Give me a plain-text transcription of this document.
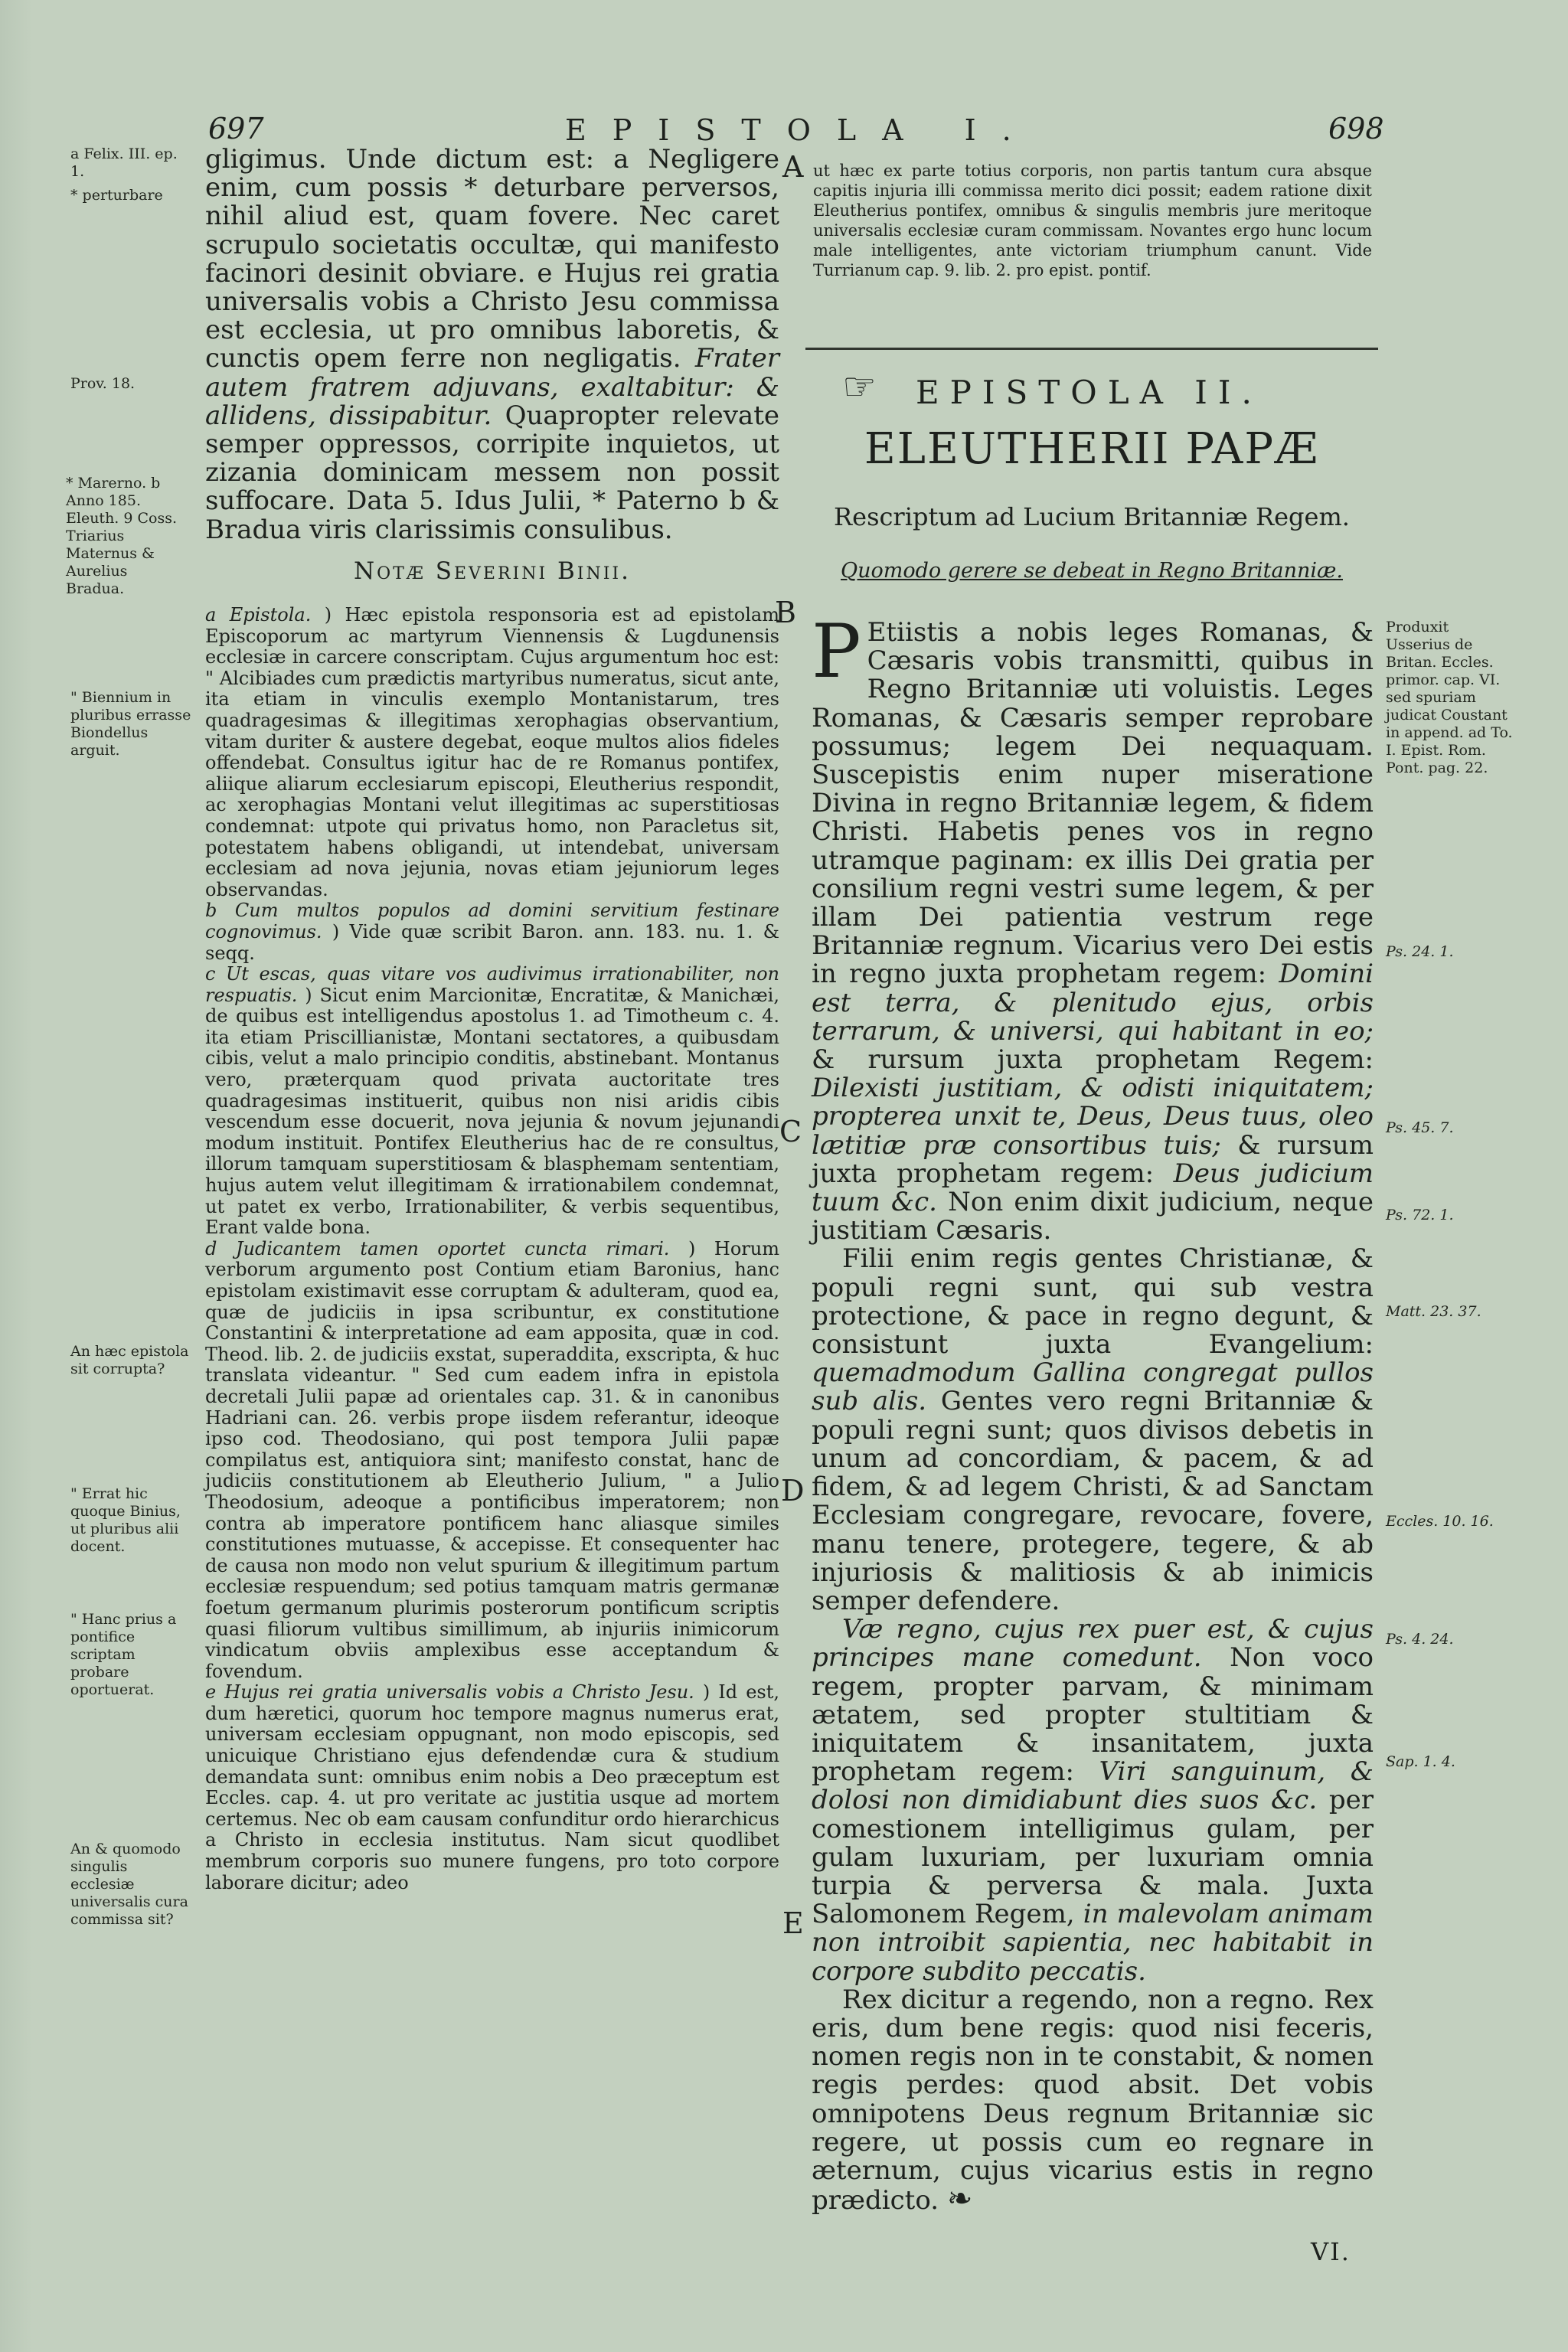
697	EPISTOLA I.	698
a Felix. III. ep. 1.
* perturbare
Prov. 18.
* Marerno. b Anno 185. Eleuth. 9 Coss. Triarius Maternus & Aurelius Bradua.
" Biennium in pluribus errasse Biondellus arguit.
An hæc epistola sit corrupta?
" Errat hic quoque Binius, ut pluribus alii docent.
" Hanc prius a pontifice scriptam probare oportuerat.
An & quomodo singulis ecclesiæ universalis cura commissa sit?
gligimus. Unde dictum est: a Negligere enim, cum possis * deturbare perversos, nihil aliud est, quam fovere. Nec caret scrupulo societatis occultæ, qui manifesto facinori desinit obviare. e Hujus rei gratia universalis vobis a Christo Jesu commissa est ecclesia, ut pro omnibus laboretis, & cunctis opem ferre non negligatis. Frater autem fratrem adjuvans, exaltabitur: & allidens, dissipabitur. Quapropter relevate semper oppressos, corripite inquietos, ut zizania dominicam messem non possit suffocare. Data 5. Idus Julii, * Paterno b & Bradua viris clarissimis consulibus.
Notæ Severini Binii.

a Epistola. ) Hæc epistola responsoria est ad epistolam Episcoporum ac martyrum Viennensis & Lugdunensis ecclesiæ in carcere conscriptam. Cujus argumentum hoc est: " Alcibiades cum prædictis martyribus numeratus, sicut ante, ita etiam in vinculis exemplo Montanistarum, tres quadragesimas & illegitimas xerophagias observantium, vitam duriter & austere degebat, eoque multos alios fideles offendebat. Consultus igitur hac de re Romanus pontifex, aliique aliarum ecclesiarum episcopi, Eleutherius respondit, ac xerophagias Montani velut illegitimas ac superstitiosas condemnat: utpote qui privatus homo, non Paracletus sit, potestatem habens obligandi, ut intendebat, universam ecclesiam ad nova jejunia, novas etiam jejuniorum leges observandas.

b Cum multos populos ad domini servitium festinare cognovimus. ) Vide quæ scribit Baron. ann. 183. nu. 1. & seqq.

c Ut escas, quas vitare vos audivimus irrationabiliter, non respuatis. ) Sicut enim Marcionitæ, Encratitæ, & Manichæi, de quibus est intelligendus apostolus 1. ad Timotheum c. 4. ita etiam Priscillianistæ, Montani sectatores, a quibusdam cibis, velut a malo principio conditis, abstinebant. Montanus vero, præterquam quod privata auctoritate tres quadragesimas instituerit, quibus non nisi aridis cibis vescendum esse docuerit, nova jejunia & novum jejunandi modum instituit. Pontifex Eleutherius hac de re consultus, illorum tamquam superstitiosam & blasphemam sententiam, hujus autem velut illegitimam & irrationabilem condemnat, ut patet ex verbo, Irrationabiliter, & verbis sequentibus, Erant valde bona.

d Judicantem tamen oportet cuncta rimari. ) Horum verborum argumento post Contium etiam Baronius, hanc epistolam existimavit esse corruptam & adulteram, quod ea, quæ de judiciis in ipsa scribuntur, ex constitutione Constantini & interpretatione ad eam apposita, quæ in cod. Theod. lib. 2. de judiciis exstat, superaddita, exscripta, & huc translata videantur. " Sed cum eadem infra in epistola decretali Julii papæ ad orientales cap. 31. & in canonibus Hadriani can. 26. verbis prope iisdem referantur, ideoque ipso cod. Theodosiano, qui post tempora Julii papæ compilatus est, antiquiora sint; manifesto constat, hanc de judiciis constitutionem ab Eleutherio Julium, " a Julio Theodosium, adeoque a pontificibus imperatorem; non contra ab imperatore pontificem hanc aliasque similes constitutiones mutuasse, & accepisse. Et consequenter hac de causa non modo non velut spurium & illegitimum partum ecclesiæ respuendum; sed potius tamquam matris germanæ foetum germanum plurimis posterorum pontificum scriptis quasi filiorum vultibus simillimum, ab injuriis inimicorum vindicatum obviis amplexibus esse acceptandum & fovendum.

e Hujus rei gratia universalis vobis a Christo Jesu. ) Id est, dum hæretici, quorum hoc tempore magnus numerus erat, universam ecclesiam oppugnant, non modo episcopis, sed unicuique Christiano ejus defendendæ cura & studium demandata sunt: omnibus enim nobis a Deo præceptum est Eccles. cap. 4. ut pro veritate ac justitia usque ad mortem certemus. Nec ob eam causam confunditur ordo hierarchicus a Christo in ecclesia institutus. Nam sicut quodlibet membrum corporis suo munere fungens, pro toto corpore laborare dicitur; adeo

A
B
C
D
E
ut hæc ex parte totius corporis, non partis tantum cura absque capitis injuria illi commissa merito dici possit; eadem ratione dixit Eleutherius pontifex, omnibus & singulis membris jure meritoque universalis ecclesiæ curam commissam. Novantes ergo hunc locum male intelligentes, ante victoriam triumphum canunt. Vide Turrianum cap. 9. lib. 2. pro epist. pontif.
☞ EPISTOLA II.
ELEUTHERII PAPÆ
Rescriptum ad Lucium Britanniæ Regem.
Quomodo gerere se debeat in Regno Britanniæ.
P Etiistis a nobis leges Romanas, & Cæsaris vobis transmitti, quibus in Regno Britanniæ uti voluistis. Leges Romanas, & Cæsaris semper reprobare possumus; legem Dei nequaquam. Suscepistis enim nuper miseratione Divina in regno Britanniæ legem, & fidem Christi. Habetis penes vos in regno utramque paginam: ex illis Dei gratia per consilium regni vestri sume legem, & per illam Dei patientia vestrum rege Britanniæ regnum. Vicarius vero Dei estis in regno juxta prophetam regem: Domini est terra, & plenitudo ejus, orbis terrarum, & universi, qui habitant in eo; & rursum juxta prophetam Regem: Dilexisti justitiam, & odisti iniquitatem; propterea unxit te, Deus, Deus tuus, oleo lætitiæ præ consortibus tuis; & rursum juxta prophetam regem: Deus judicium tuum &c. Non enim dixit judicium, neque justitiam Cæsaris.
Filii enim regis gentes Christianæ, & populi regni sunt, qui sub vestra protectione, & pace in regno degunt, & consistunt juxta Evangelium: quemadmodum Gallina congregat pullos sub alis. Gentes vero regni Britanniæ & populi regni sunt; quos divisos debetis in unum ad concordiam, & pacem, & ad fidem, & ad legem Christi, & ad Sanctam Ecclesiam congregare, revocare, fovere, manu tenere, protegere, tegere, & ab injuriosis & malitiosis & ab inimicis semper defendere.
Væ regno, cujus rex puer est, & cujus principes mane comedunt. Non voco regem, propter parvam, & minimam ætatem, sed propter stultitiam & iniquitatem & insanitatem, juxta prophetam regem: Viri sanguinum, & dolosi non dimidiabunt dies suos &c. per comestionem intelligimus gulam, per gulam luxuriam, per luxuriam omnia turpia & perversa & mala. Juxta Salomonem Regem, in malevolam animam non introibit sapientia, nec habitabit in corpore subdito peccatis.
Rex dicitur a regendo, non a regno. Rex eris, dum bene regis: quod nisi feceris, nomen regis non in te constabit, & nomen regis perdes: quod absit. Det vobis omnipotens Deus regnum Britanniæ sic regere, ut possis cum eo regnare in æternum, cujus vicarius estis in regno prædicto. ❧
Produxit Usserius de Britan. Eccles. primor. cap. VI. sed spuriam judicat Coustant in append. ad To. I. Epist. Rom. Pont. pag. 22.
Ps. 24. 1.
Ps. 45. 7.
Ps. 72. 1.
Matt. 23. 37.
Eccles. 10. 16.
Ps. 4. 24.
Sap. 1. 4.
VI.
